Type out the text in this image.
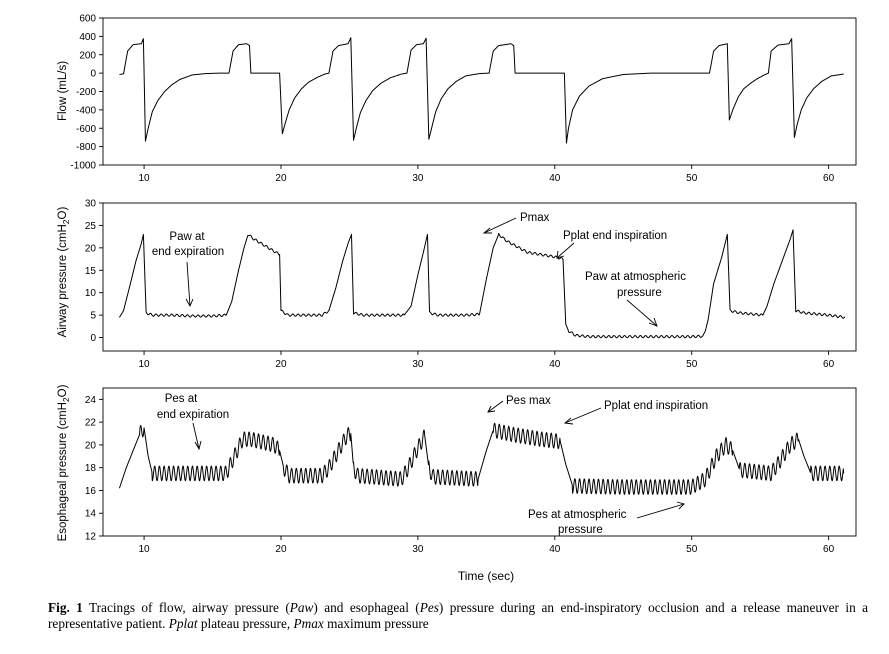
-1000
-800
-600
-400
-200
0
200
400
600
10	20	30	40	50	60
Flow (mL/s)
0
5
10
15
20
25
30
10	20	30	40	50	60
Airway pressure (cmH$_2$O)
Paw at
end expiration
Pmax
Pplat end inspiration
Paw at atmospheric
pressure
12
14
16
18
20
22
24
10	20	30	40	50	60
Esophageal pressure (cmH$_2$O)
Time (sec)
Pes at
end expiration
Pes max	Pplat end inspiration
Pes at atmospheric
pressure
Fig. 1 Tracings of flow, airway pressure (Paw) and esophageal (Pes) pressure during an end-inspiratory occlusion and a release maneuver in a representative patient. Pplat plateau pressure, Pmax maximum pressure
